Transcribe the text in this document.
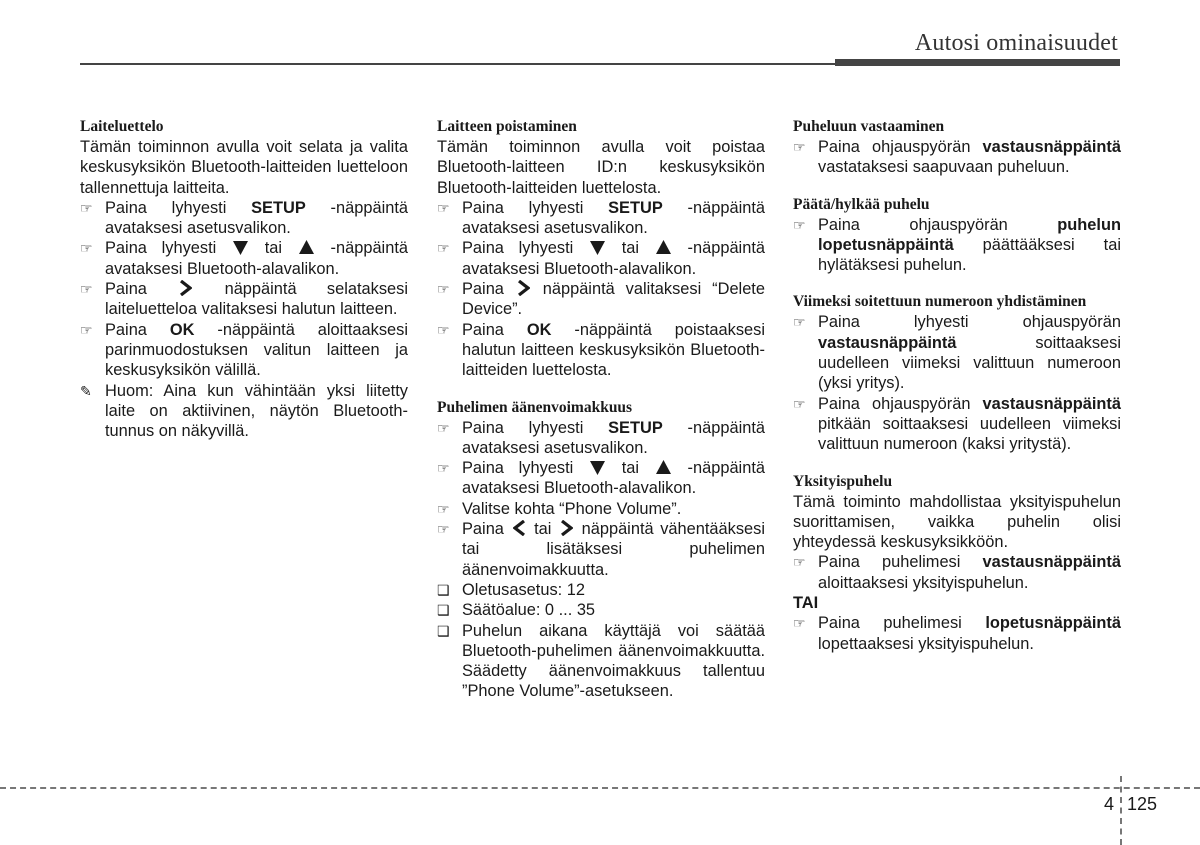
Autosi ominaisuudet
Laiteluettelo

Tämän toiminnon avulla voit selata ja valita keskusyksikön Bluetooth-laitteiden luetteloon tallennettuja laitteita.

☞ Paina lyhyesti SETUP -näppäintä avataksesi asetusvalikon.
☞ Paina lyhyesti  tai  -näppäintä avataksesi Bluetooth-alavalikon.
☞ Paina  näppäintä selataksesi laiteluetteloa valitaksesi halutun laitteen.
☞ Paina OK -näppäintä aloittaaksesi parinmuodostuksen valitun laitteen ja keskusyksikön välillä.
✎ Huom: Aina kun vähintään yksi liitetty laite on aktiivinen, näytön Bluetooth-tunnus on näkyvillä.
Laitteen poistaminen

Tämän toiminnon avulla voit poistaa Bluetooth-laitteen ID:n keskusyksikön Bluetooth-laitteiden luettelosta.

☞ Paina lyhyesti SETUP -näppäintä avataksesi asetusvalikon.
☞ Paina lyhyesti  tai  -näppäintä avataksesi Bluetooth-alavalikon.
☞ Paina  näppäintä valitaksesi “Delete Device”.
☞ Paina OK -näppäintä poistaaksesi halutun laitteen keskusyksikön Bluetooth-laitteiden luettelosta.
Puhelimen äänenvoimakkuus
☞ Paina lyhyesti SETUP -näppäintä avataksesi asetusvalikon.
☞ Paina lyhyesti  tai  -näppäintä avataksesi Bluetooth-alavalikon.
☞ Valitse kohta “Phone Volume”.
☞ Paina  tai  näppäintä vähentääksesi tai lisätäksesi puhelimen äänenvoimakkuutta.
❑ Oletusasetus: 12
❑ Säätöalue: 0 ... 35
❑ Puhelun aikana käyttäjä voi säätää Bluetooth-puhelimen äänenvoimakkuutta. Säädetty äänenvoimakkuus tallentuu ”Phone Volume”-asetukseen.
Puheluun vastaaminen
☞ Paina ohjauspyörän vastausnäppäintä vastataksesi saapuvaan puheluun.
Päätä/hylkää puhelu
☞ Paina ohjauspyörän puhelun lopetusnäppäintä päättääksesi tai hylätäksesi puhelun.
Viimeksi soitettuun numeroon yhdistäminen
☞ Paina lyhyesti ohjauspyörän vastausnäppäintä soittaaksesi uudelleen viimeksi valittuun numeroon (yksi yritys).
☞ Paina ohjauspyörän vastausnäppäintä pitkään soittaaksesi uudelleen viimeksi valittuun numeroon (kaksi yritystä).
Yksityispuhelu

Tämä toiminto mahdollistaa yksityispuhelun suorittamisen, vaikka puhelin olisi yhteydessä keskusyksikköön.

☞ Paina puhelimesi vastausnäppäintä aloittaaksesi yksityispuhelun.

TAI

☞ Paina puhelimesi lopetusnäppäintä lopettaaksesi yksityispuhelun.
4 125
